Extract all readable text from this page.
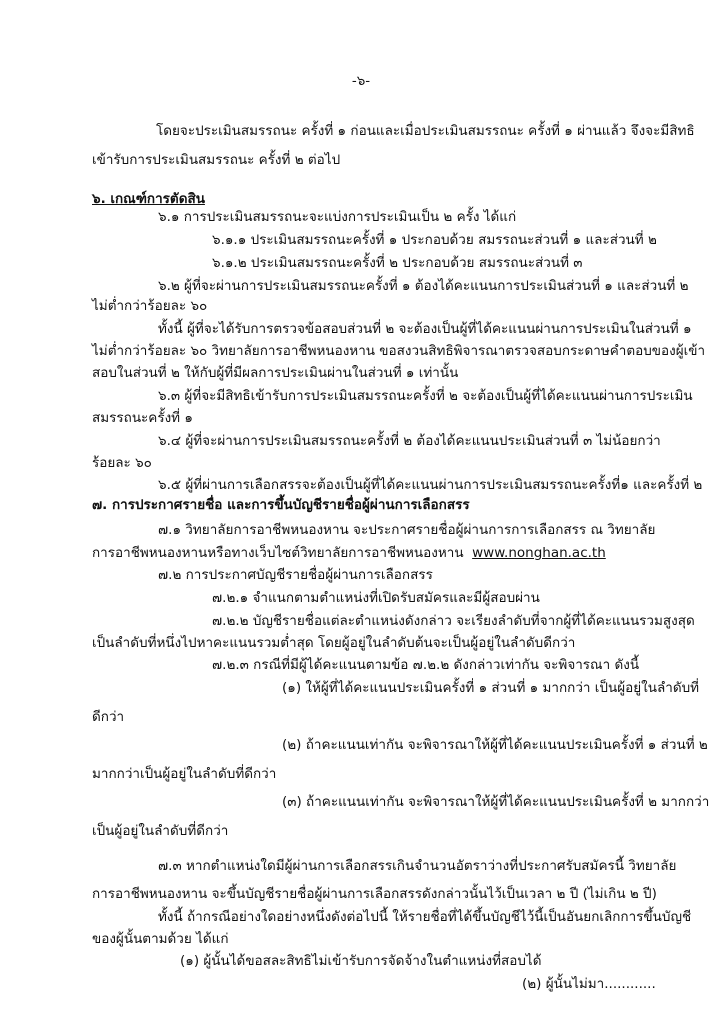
-๖-
โดยจะประเมินสมรรถนะ ครั้งที่ ๑ ก่อนและเมื่อประเมินสมรรถนะ ครั้งที่ ๑ ผ่านแล้ว จึงจะมีสิทธิ
เข้ารับการประเมินสมรรถนะ ครั้งที่ ๒ ต่อไป
๖. เกณฑ์การตัดสิน
๖.๑ การประเมินสมรรถนะจะแบ่งการประเมินเป็น ๒ ครั้ง ได้แก่
๖.๑.๑ ประเมินสมรรถนะครั้งที่ ๑ ประกอบด้วย สมรรถนะส่วนที่ ๑ และส่วนที่ ๒
๖.๑.๒ ประเมินสมรรถนะครั้งที่ ๒ ประกอบด้วย สมรรถนะส่วนที่ ๓
๖.๒ ผู้ที่จะผ่านการประเมินสมรรถนะครั้งที่ ๑ ต้องได้คะแนนการประเมินส่วนที่ ๑ และส่วนที่ ๒
ไม่ต่ำกว่าร้อยละ ๖๐
ทั้งนี้ ผู้ที่จะได้รับการตรวจข้อสอบส่วนที่ ๒ จะต้องเป็นผู้ที่ได้คะแนนผ่านการประเมินในส่วนที่ ๑
ไม่ต่ำกว่าร้อยละ ๖๐ วิทยาลัยการอาชีพหนองหาน ขอสงวนสิทธิพิจารณาตรวจสอบกระดาษคำตอบของผู้เข้า
สอบในส่วนที่ ๒ ให้กับผู้ที่มีผลการประเมินผ่านในส่วนที่ ๑ เท่านั้น
๖.๓ ผู้ที่จะมีสิทธิเข้ารับการประเมินสมรรถนะครั้งที่ ๒ จะต้องเป็นผู้ที่ได้คะแนนผ่านการประเมิน
สมรรถนะครั้งที่ ๑
๖.๔ ผู้ที่จะผ่านการประเมินสมรรถนะครั้งที่ ๒ ต้องได้คะแนนประเมินส่วนที่ ๓ ไม่น้อยกว่า
ร้อยละ ๖๐
๖.๕ ผู้ที่ผ่านการเลือกสรรจะต้องเป็นผู้ที่ได้คะแนนผ่านการประเมินสมรรถนะครั้งที่๑ และครั้งที่ ๒
๗. การประกาศรายชื่อ และการขึ้นบัญชีรายชื่อผู้ผ่านการเลือกสรร
๗.๑ วิทยาลัยการอาชีพหนองหาน จะประกาศรายชื่อผู้ผ่านการการเลือกสรร ณ วิทยาลัย
การอาชีพหนองหานหรือทางเว็บไซต์วิทยาลัยการอาชีพหนองหาน www.nonghan.ac.th
๗.๒ การประกาศบัญชีรายชื่อผู้ผ่านการเลือกสรร
๗.๒.๑ จำแนกตามตำแหน่งที่เปิดรับสมัครและมีผู้สอบผ่าน
๗.๒.๒ บัญชีรายชื่อแต่ละตำแหน่งดังกล่าว จะเรียงลำดับที่จากผู้ที่ได้คะแนนรวมสูงสุด
เป็นลำดับที่หนึ่งไปหาคะแนนรวมต่ำสุด โดยผู้อยู่ในลำดับต้นจะเป็นผู้อยู่ในลำดับดีกว่า
๗.๒.๓ กรณีที่มีผู้ได้คะแนนตามข้อ ๗.๒.๒ ดังกล่าวเท่ากัน จะพิจารณา ดังนี้
(๑) ให้ผู้ที่ได้คะแนนประเมินครั้งที่ ๑ ส่วนที่ ๑ มากกว่า เป็นผู้อยู่ในลำดับที่
ดีกว่า
(๒) ถ้าคะแนนเท่ากัน จะพิจารณาให้ผู้ที่ได้คะแนนประเมินครั้งที่ ๑ ส่วนที่ ๒
มากกว่าเป็นผู้อยู่ในลำดับที่ดีกว่า
(๓) ถ้าคะแนนเท่ากัน จะพิจารณาให้ผู้ที่ได้คะแนนประเมินครั้งที่ ๒ มากกว่า
เป็นผู้อยู่ในลำดับที่ดีกว่า
๗.๓ หากตำแหน่งใดมีผู้ผ่านการเลือกสรรเกินจำนวนอัตราว่างที่ประกาศรับสมัครนี้ วิทยาลัย
การอาชีพหนองหาน จะขึ้นบัญชีรายชื่อผู้ผ่านการเลือกสรรดังกล่าวนั้นไว้เป็นเวลา ๒ ปี (ไม่เกิน ๒ ปี)
ทั้งนี้ ถ้ากรณีอย่างใดอย่างหนึ่งดังต่อไปนี้ ให้รายชื่อที่ได้ขึ้นบัญชีไว้นี้เป็นอันยกเลิกการขึ้นบัญชี
ของผู้นั้นตามด้วย ได้แก่
(๑) ผู้นั้นได้ขอสละสิทธิไม่เข้ารับการจัดจ้างในตำแหน่งที่สอบได้
(๒) ผู้นั้นไม่มา............
